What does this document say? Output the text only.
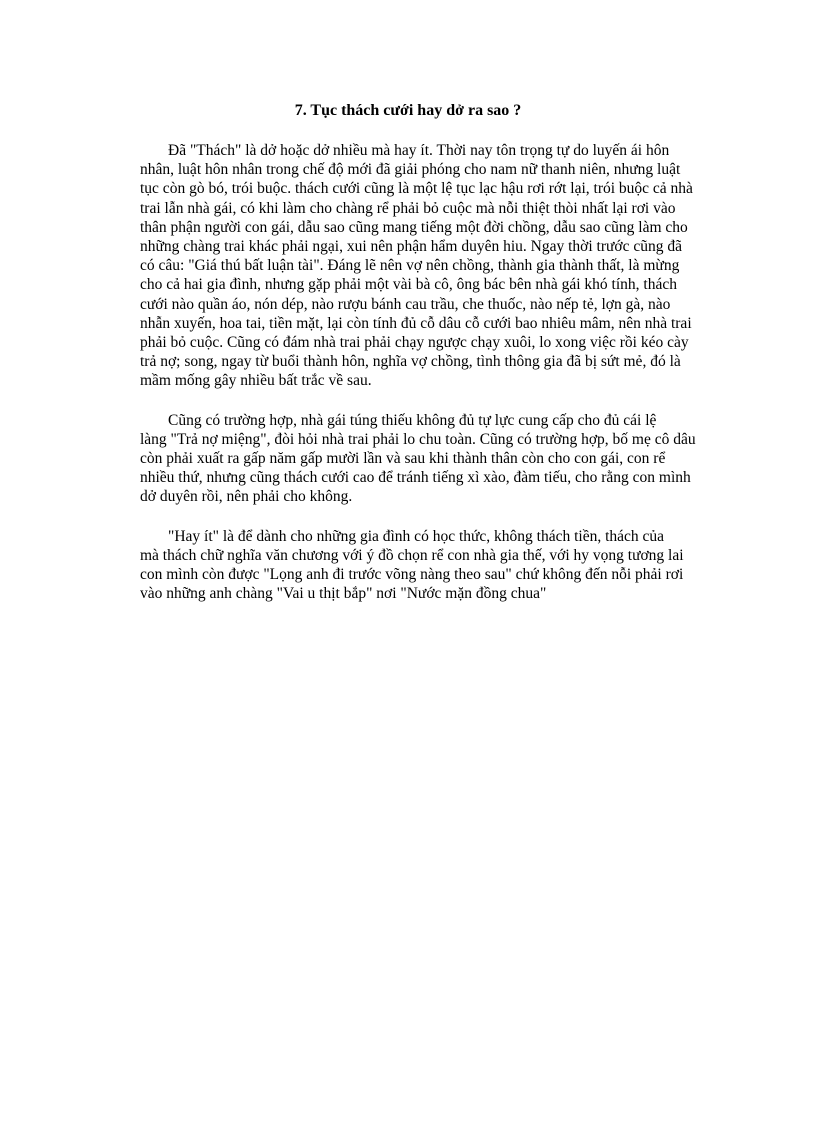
7. Tục thách cưới hay dở ra sao ?
Đã "Thách" là dở hoặc dở nhiều mà hay ít. Thời nay tôn trọng tự do luyến ái hôn
nhân, luật hôn nhân trong chế độ mới đã giải phóng cho nam nữ thanh niên, nhưng luật
tục còn gò bó, trói buộc. thách cưới cũng là một lệ tục lạc hậu rơi rớt lại, trói buộc cả nhà
trai lẫn nhà gái, có khi làm cho chàng rể phải bỏ cuộc mà nỗi thiệt thòi nhất lại rơi vào
thân phận người con gái, dẫu sao cũng mang tiếng một đời chồng, dẫu sao cũng làm cho
những chàng trai khác phải ngại, xui nên phận hẩm duyên hiu. Ngay thời trước cũng đã
có câu: "Giá thú bất luận tài". Đáng lẽ nên vợ nên chồng, thành gia thành thất, là mừng
cho cả hai gia đình, nhưng gặp phải một vài bà cô, ông bác bên nhà gái khó tính, thách
cưới nào quần áo, nón dép, nào rượu bánh cau trầu, che thuốc, nào nếp tẻ, lợn gà, nào
nhẫn xuyến, hoa tai, tiền mặt, lại còn tính đủ cỗ dâu cỗ cưới bao nhiêu mâm, nên nhà trai
phải bỏ cuộc. Cũng có đám nhà trai phải chạy ngược chạy xuôi, lo xong việc rồi kéo cày
trả nợ; song, ngay từ buổi thành hôn, nghĩa vợ chồng, tình thông gia đã bị sứt mẻ, đó là
mầm mống gây nhiều bất trắc về sau.
Cũng có trường hợp, nhà gái túng thiếu không đủ tự lực cung cấp cho đủ cái lệ
làng "Trả nợ miệng", đòi hỏi nhà trai phải lo chu toàn. Cũng có trường hợp, bố mẹ cô dâu
còn phải xuất ra gấp năm gấp mười lần và sau khi thành thân còn cho con gái, con rể
nhiều thứ, nhưng cũng thách cưới cao để tránh tiếng xì xào, đàm tiếu, cho rằng con mình
dở duyên rồi, nên phải cho không.
"Hay ít" là để dành cho những gia đình có học thức, không thách tiền, thách của
mà thách chữ nghĩa văn chương với ý đồ chọn rể con nhà gia thế, với hy vọng tương lai
con mình còn được "Lọng anh đi trước võng nàng theo sau" chứ không đến nỗi phải rơi
vào những anh chàng "Vai u thịt bắp" nơi "Nước mặn đồng chua"
